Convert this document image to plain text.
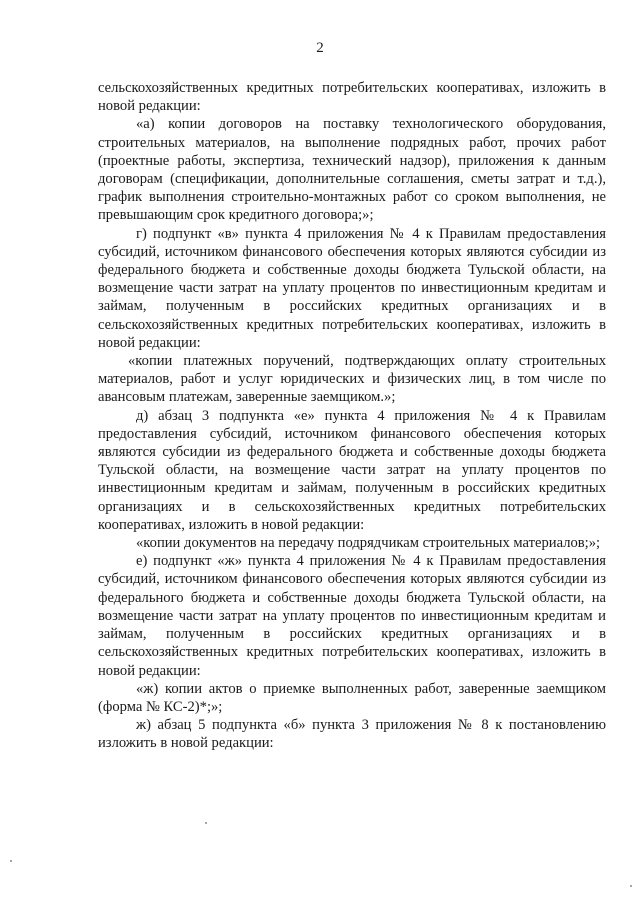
2

сельскохозяйственных кредитных потребительских кооперативах, изложить в новой редакции:

«а) копии договоров на поставку технологического оборудования, строительных материалов, на выполнение подрядных работ, прочих работ (проектные работы, экспертиза, технический надзор), приложения к данным договорам (спецификации, дополнительные соглашения, сметы затрат и т.д.), график выполнения строительно-монтажных работ со сроком выполнения, не превышающим срок кредитного договора;»;

г) подпункт «в» пункта 4 приложения № 4 к Правилам предоставления субсидий, источником финансового обеспечения которых являются субсидии из федерального бюджета и собственные доходы бюджета Тульской области, на возмещение части затрат на уплату процентов по инвестиционным кредитам и займам, полученным в российских кредитных организациях и в сельскохозяйственных кредитных потребительских кооперативах, изложить в новой редакции:

«копии платежных поручений, подтверждающих оплату строительных материалов, работ и услуг юридических и физических лиц, в том числе по авансовым платежам, заверенные заемщиком.»;

д) абзац 3 подпункта «е» пункта 4 приложения № 4 к Правилам предоставления субсидий, источником финансового обеспечения которых являются субсидии из федерального бюджета и собственные доходы бюджета Тульской области, на возмещение части затрат на уплату процентов по инвестиционным кредитам и займам, полученным в российских кредитных организациях и в сельскохозяйственных кредитных потребительских кооперативах, изложить в новой редакции:

«копии документов на передачу подрядчикам строительных материалов;»;

е) подпункт «ж» пункта 4 приложения № 4 к Правилам предоставления субсидий, источником финансового обеспечения которых являются субсидии из федерального бюджета и собственные доходы бюджета Тульской области, на возмещение части затрат на уплату процентов по инвестиционным кредитам и займам, полученным в российских кредитных организациях и в сельскохозяйственных кредитных потребительских кооперативах, изложить в новой редакции:

«ж) копии актов о приемке выполненных работ, заверенные заемщиком (форма № КС-2)*;»;

ж) абзац 5 подпункта «б» пункта 3 приложения № 8 к постановлению изложить в новой редакции:
